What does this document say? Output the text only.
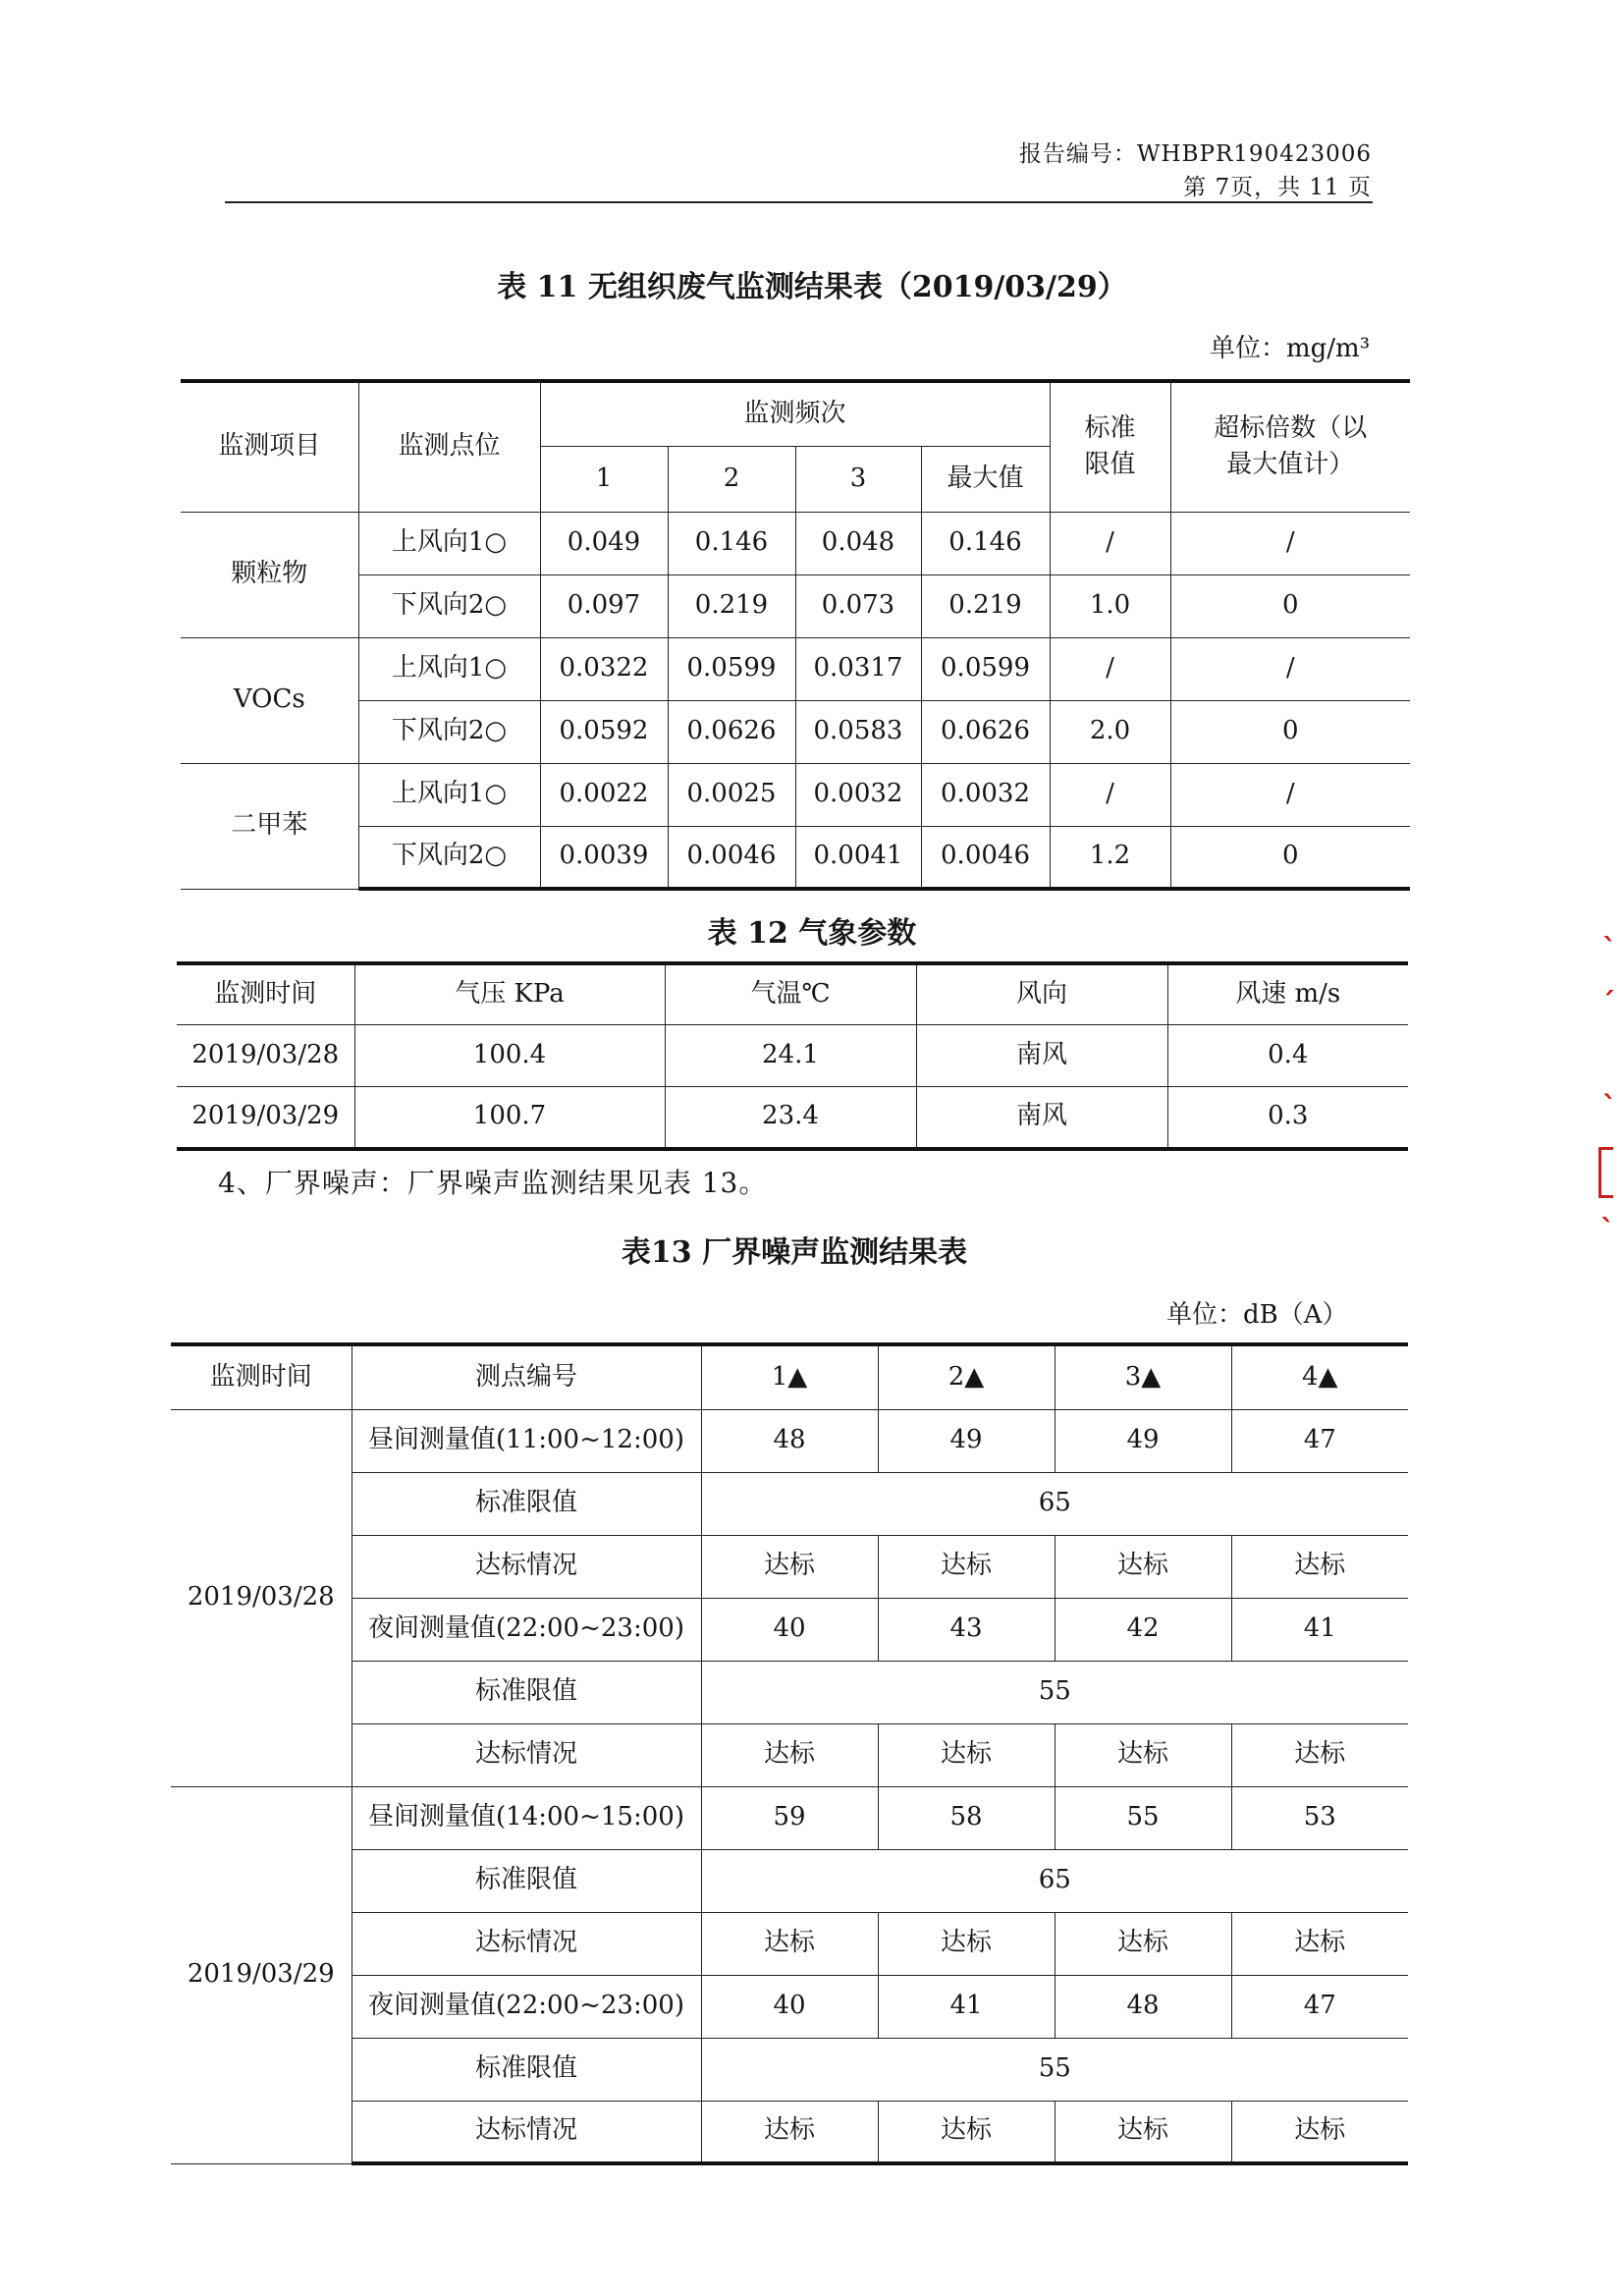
报告编号：WHBPR190423006
第 7页，共 11 页
表 11 无组织废气监测结果表（2019/03/29）
单位：mg/m³
监测项目	监测点位	监测频次				标准限值	超标倍数（以最大值计）

		1	2	3	最大值		
颗粒物	上风向1○	0.049	0.146	0.048	0.146	/	/
	下风向2○	0.097	0.219	0.073	0.219	1.0	0
VOCs	上风向1○	0.0322	0.0599	0.0317	0.0599	/	/
	下风向2○	0.0592	0.0626	0.0583	0.0626	2.0	0
二甲苯	上风向1○	0.0022	0.0025	0.0032	0.0032	/	/
	下风向2○	0.0039	0.0046	0.0041	0.0046	1.2	0
表 12 气象参数
监测时间	气压 KPa	气温℃	风向	风速 m/s
2019/03/28	100.4	24.1	南风	0.4
2019/03/29	100.7	23.4	南风	0.3
4、厂界噪声：厂界噪声监测结果见表 13。
表13 厂界噪声监测结果表
单位：dB（A）
监测时间	测点编号	1▲	2▲	3▲	4▲
2019/03/28	昼间测量值(11:00~12:00)	48	49	49	47
	标准限值	65			
	达标情况	达标	达标	达标	达标
	夜间测量值(22:00~23:00)	40	43	42	41
	标准限值	55			
	达标情况	达标	达标	达标	达标
2019/03/29	昼间测量值(14:00~15:00)	59	58	55	53
	标准限值	65			
	达标情况	达标	达标	达标	达标
	夜间测量值(22:00~23:00)	40	41	48	47
	标准限值	55			
	达标情况	达标	达标	达标	达标
ˋ
ˊ
ˎ
ˋ
